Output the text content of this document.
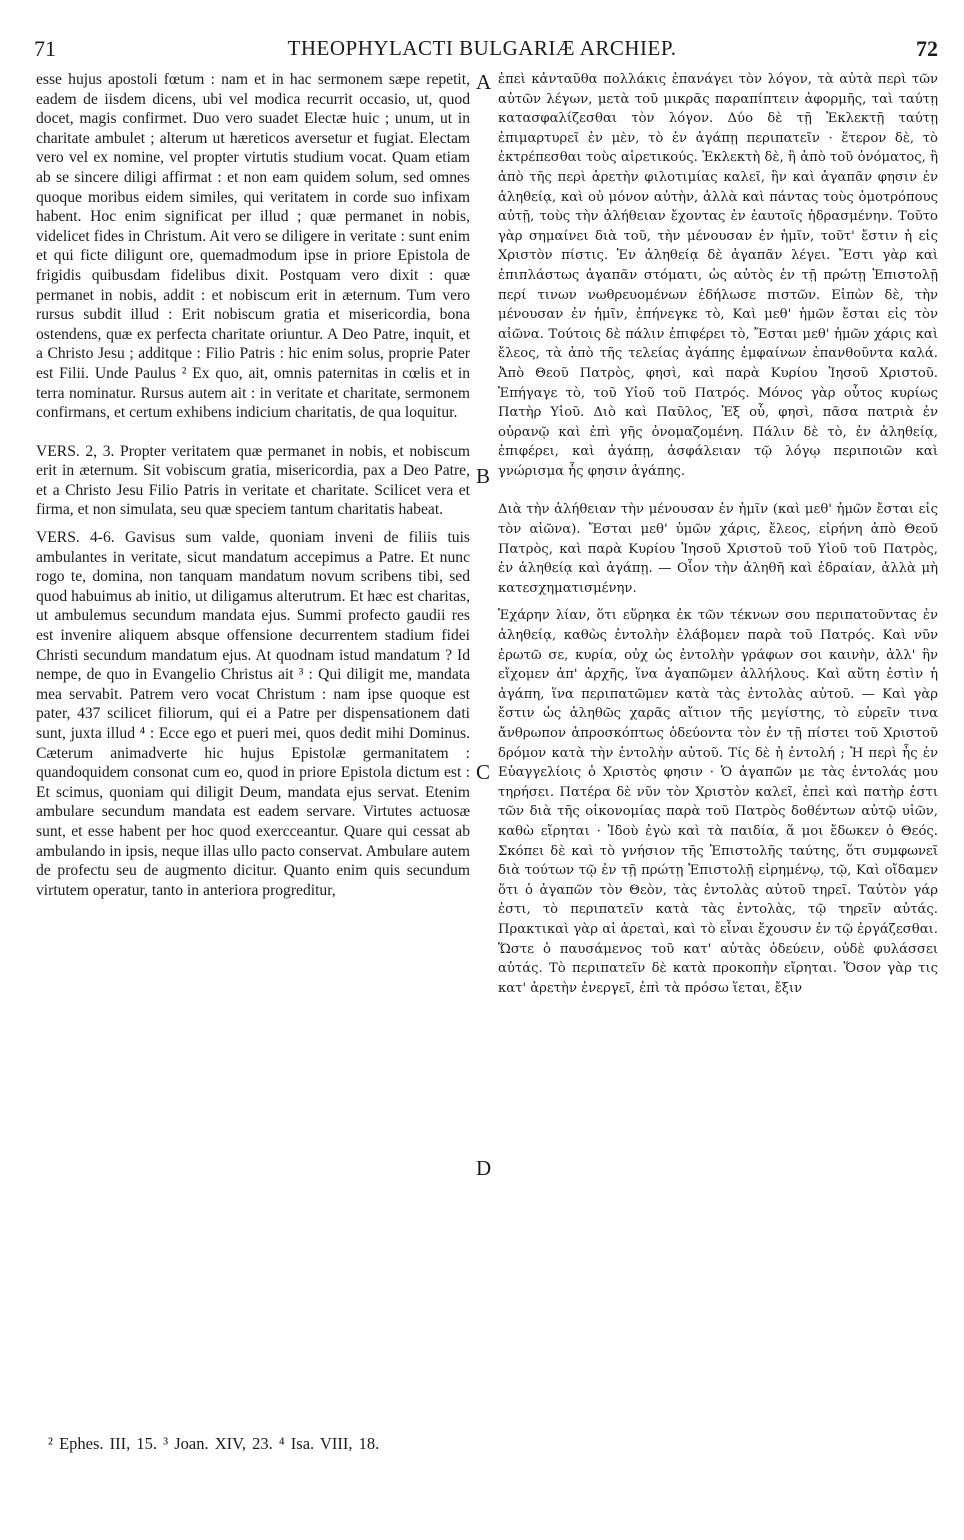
71	THEOPHYLACTI BULGARIÆ ARCHIEP.	72

esse hujus apostoli fœtum : nam et in hac sermonem sæpe repetit, eadem de iisdem dicens, ubi vel modica recurrit occasio, ut, quod docet, magis confirmet. Duo vero suadet Electæ huic ; unum, ut in charitate ambulet ; alterum ut hæreticos aversetur et fugiat. Electam vero vel ex nomine, vel propter virtutis studium vocat. Quam etiam ab se sincere diligi affirmat : et non eam quidem solum, sed omnes quoque moribus eidem similes, qui veritatem in corde suo infixam habent. Hoc enim significat per illud ; quæ permanet in nobis, videlicet fides in Christum. Ait vero se diligere in veritate : sunt enim et qui ficte diligunt ore, quemadmodum ipse in priore Epistola de frigidis quibusdam fidelibus dixit. Postquam vero dixit : quæ permanet in nobis, addit : et nobiscum erit in æternum. Tum vero rursus subdit illud : Erit nobiscum gratia et misericordia, bona ostendens, quæ ex perfecta charitate oriuntur. A Deo Patre, inquit, et a Christo Jesu ; additque : Filio Patris : hic enim solus, proprie Pater est Filii. Unde Paulus ² Ex quo, ait, omnis paternitas in cœlis et in terra nominatur. Rursus autem ait : in veritate et charitate, sermonem confirmans, et certum exhibens indicium charitatis, de qua loquitur.

VERS. 2, 3. Propter veritatem quæ permanet in nobis, et nobiscum erit in æternum. Sit vobiscum gratia, misericordia, pax a Deo Patre, et a Christo Jesu Filio Patris in veritate et charitate. Scilicet vera et firma, et non simulata, seu quæ speciem tantum charitatis habeat.

VERS. 4-6. Gavisus sum valde, quoniam inveni de filiis tuis ambulantes in veritate, sicut mandatum accepimus a Patre. Et nunc rogo te, domina, non tanquam mandatum novum scribens tibi, sed quod habuimus ab initio, ut diligamus alterutrum. Et hæc est charitas, ut ambulemus secundum mandata ejus. Summi profecto gaudii res est invenire aliquem absque offensione decurrentem stadium fidei Christi secundum mandatum ejus. At quodnam istud mandatum ? Id nempe, de quo in Evangelio Christus ait ³ : Qui diligit me, mandata mea servabit. Patrem vero vocat Christum : nam ipse quoque est pater, 437 scilicet filiorum, qui ei a Patre per dispensationem dati sunt, juxta illud ⁴ : Ecce ego et pueri mei, quos dedit mihi Dominus. Cæterum animadverte hic hujus Epistolæ germanitatem : quandoquidem consonat cum eo, quod in priore Epistola dictum est : Et scimus, quoniam qui diligit Deum, mandata ejus servat. Etenim ambulare secundum mandata est eadem servare. Virtutes actuosæ sunt, et esse habent per hoc quod exercceantur. Quare qui cessat ab ambulando in ipsis, neque illas ullo pacto conservat. Ambulare autem de profectu seu de augmento dicitur. Quanto enim quis secundum virtutem operatur, tanto in anteriora progreditur,

A
B
C
D

ἐπεὶ κἀνταῦθα πολλάκις ἐπανάγει τὸν λόγον, τὰ αὐτὰ περὶ τῶν αὐτῶν λέγων, μετὰ τοῦ μικρᾶς παραπίπτειν ἀφορμῆς, ταὶ ταύτῃ κατασφαλίζεσθαι τὸν λόγον. Δύο δὲ τῇ Ἐκλεκτῇ ταύτῃ ἐπιμαρτυρεῖ ἐν μὲν, τὸ ἐν ἀγάπῃ περιπατεῖν · ἕτερον δὲ, τὸ ἐκτρέπεσθαι τοὺς αἱρετικούς. Ἐκλεκτὴ δὲ, ἢ ἀπὸ τοῦ ὀνόματος, ἢ ἀπὸ τῆς περὶ ἀρετὴν φιλοτιμίας καλεῖ, ἣν καὶ ἀγαπᾶν φησιν ἐν ἀληθείᾳ, καὶ οὐ μόνον αὐτὴν, ἀλλὰ καὶ πάντας τοὺς ὁμοτρόπους αὐτῇ, τοὺς τὴν ἀλήθειαν ἔχοντας ἐν ἑαυτοῖς ἡδρασμένην. Τοῦτο γὰρ σημαίνει διὰ τοῦ, τὴν μένουσαν ἐν ἡμῖν, τοῦτ' ἔστιν ἡ εἰς Χριστὸν πίστις. Ἐν ἀληθείᾳ δὲ ἀγαπᾶν λέγει. Ἔστι γὰρ καὶ ἐπιπλάστως ἀγαπᾶν στόματι, ὡς αὐτὸς ἐν τῇ πρώτῃ Ἐπιστολῇ περί τινων νωθρευομένων ἐδήλωσε πιστῶν. Εἰπὼν δὲ, τὴν μένουσαν ἐν ἡμῖν, ἐπήνεγκε τὸ, Καὶ μεθ' ἡμῶν ἔσται εἰς τὸν αἰῶνα. Τούτοις δὲ πάλιν ἐπιφέρει τὸ, Ἔσται μεθ' ἡμῶν χάρις καὶ ἔλεος, τὰ ἀπὸ τῆς τελείας ἀγάπης ἐμφαίνων ἐπανθοῦντα καλά. Ἀπὸ Θεοῦ Πατρὸς, φησὶ, καὶ παρὰ Κυρίου Ἰησοῦ Χριστοῦ. Ἐπήγαγε τὸ, τοῦ Υἱοῦ τοῦ Πατρός. Μόνος γὰρ οὗτος κυρίως Πατὴρ Υἱοῦ. Διὸ καὶ Παῦλος, Ἐξ οὗ, φησὶ, πᾶσα πατριὰ ἐν οὐρανῷ καὶ ἐπὶ γῆς ὀνομαζομένη. Πάλιν δὲ τὸ, ἐν ἀληθείᾳ, ἐπιφέρει, καὶ ἀγάπῃ, ἀσφάλειαν τῷ λόγῳ περιποιῶν καὶ γνώρισμα ἧς φησιν ἀγάπης.

Διὰ τὴν ἀλήθειαν τὴν μένουσαν ἐν ἡμῖν (καὶ μεθ' ἡμῶν ἔσται εἰς τὸν αἰῶνα). Ἔσται μεθ' ὑμῶν χάρις, ἔλεος, εἰρήνη ἀπὸ Θεοῦ Πατρὸς, καὶ παρὰ Κυρίου Ἰησοῦ Χριστοῦ τοῦ Υἱοῦ τοῦ Πατρὸς, ἐν ἀληθείᾳ καὶ ἀγάπῃ. — Οἷον τὴν ἀληθῆ καὶ ἑδραίαν, ἀλλὰ μὴ κατεσχηματισμένην.

Ἐχάρην λίαν, ὅτι εὕρηκα ἐκ τῶν τέκνων σου περιπατοῦντας ἐν ἀληθείᾳ, καθὼς ἐντολὴν ἐλάβομεν παρὰ τοῦ Πατρός. Καὶ νῦν ἐρωτῶ σε, κυρία, οὐχ ὡς ἐντολὴν γράφων σοι καινὴν, ἀλλ' ἣν εἴχομεν ἀπ' ἀρχῆς, ἵνα ἀγαπῶμεν ἀλλήλους. Καὶ αὕτη ἐστὶν ἡ ἀγάπη, ἵνα περιπατῶμεν κατὰ τὰς ἐντολὰς αὐτοῦ. — Καὶ γὰρ ἔστιν ὡς ἀληθῶς χαρᾶς αἴτιον τῆς μεγίστης, τὸ εὑρεῖν τινα ἄνθρωπον ἀπροσκόπτως ὁδεύοντα τὸν ἐν τῇ πίστει τοῦ Χριστοῦ δρόμον κατὰ τὴν ἐντολὴν αὐτοῦ. Τίς δὲ ἡ ἐντολή ; Ἡ περὶ ἧς ἐν Εὐαγγελίοις ὁ Χριστὸς φησιν · Ὁ ἀγαπῶν με τὰς ἐντολάς μου τηρήσει. Πατέρα δὲ νῦν τὸν Χριστὸν καλεῖ, ἐπεὶ καὶ πατὴρ ἐστι τῶν διὰ τῆς οἰκονομίας παρὰ τοῦ Πατρὸς δοθέντων αὐτῷ υἱῶν, καθὼ εἴρηται · Ἰδοὺ ἐγὼ καὶ τὰ παιδία, ἅ μοι ἔδωκεν ὁ Θεός. Σκόπει δὲ καὶ τὸ γνήσιον τῆς Ἐπιστολῆς ταύτης, ὅτι συμφωνεῖ διὰ τούτων τῷ ἐν τῇ πρώτῃ Ἐπιστολῇ εἰρημένῳ, τῷ, Καὶ οἴδαμεν ὅτι ὁ ἀγαπῶν τὸν Θεὸν, τὰς ἐντολὰς αὐτοῦ τηρεῖ. Ταὐτὸν γάρ ἐστι, τὸ περιπατεῖν κατὰ τὰς ἐντολὰς, τῷ τηρεῖν αὐτάς. Πρακτικαὶ γὰρ αἱ ἀρεταὶ, καὶ τὸ εἶναι ἔχουσιν ἐν τῷ ἐργάζεσθαι. Ὥστε ὁ παυσάμενος τοῦ κατ' αὐτὰς ὁδεύειν, οὐδὲ φυλάσσει αὐτάς. Τὸ περιπατεῖν δὲ κατὰ προκοπὴν εἴρηται. Ὅσον γὰρ τις κατ' ἀρετὴν ἐνεργεῖ, ἐπὶ τὰ πρόσω ἵεται, ἔξιν

² Ephes. III, 15. ³ Joan. XIV, 23. ⁴ Isa. VIII, 18.
